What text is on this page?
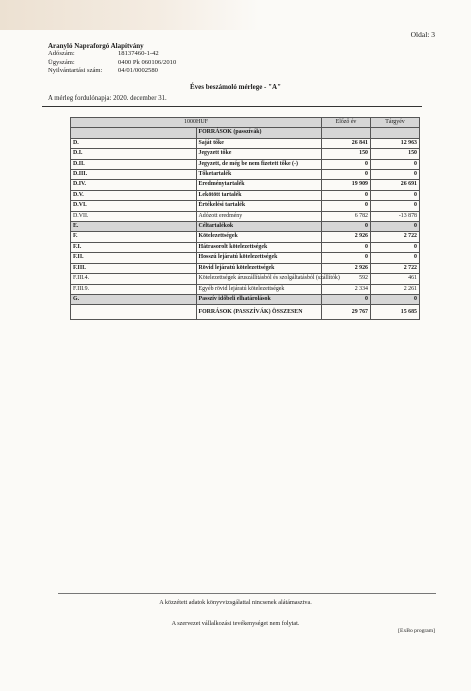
Oldal: 3
Aranyló Napraforgó Alapítvány
Adószám:	18137460-1-42
Ügyszám:	0400 Pk 060106/2010
Nyilvántartási szám:	04/01/0002580
Éves beszámoló mérlege - "A"
A mérleg fordulónapja: 2020. december 31.
1000HUF		Előző év	Tárgyév
	FORRÁSOK (passzívák)		
D.	Saját tőke	26 841	12 963
D.I.	Jegyzett tőke	150	150
D.II.	Jegyzett, de még be nem fizetett tőke (-)	0	0
D.III.	Tőketartalék	0	0
D.IV.	Eredménytartalék	19 909	26 691
D.V.	Lekötött tartalék	0	0
D.VI.	Értékelési tartalék	0	0
D.VII.	Adózott eredmény	6 782	-13 878
E.	Céltartalékok	0	0
F.	Kötelezettségek	2 926	2 722
F.I.	Hátrasorolt kötelezettségek	0	0
F.II.	Hosszú lejáratú kötelezettségek	0	0
F.III.	Rövid lejáratú kötelezettségek	2 926	2 722
F.III.4.	Kötelezettségek áruszállításból és szolgáltatásból (szállítók)	592	461
F.III.9.	Egyéb rövid lejáratú kötelezettségek	2 334	2 261
G.	Passzív időbeli elhatárolások	0	0
	FORRÁSOK (PASSZÍVÁK) ÖSSZESEN	29 767	15 685
A közzétett adatok könyvvizsgálattal nincsenek alátámasztva.
A szervezet vállalkozási tevékenységet nem folytat.
[ExBo program]
